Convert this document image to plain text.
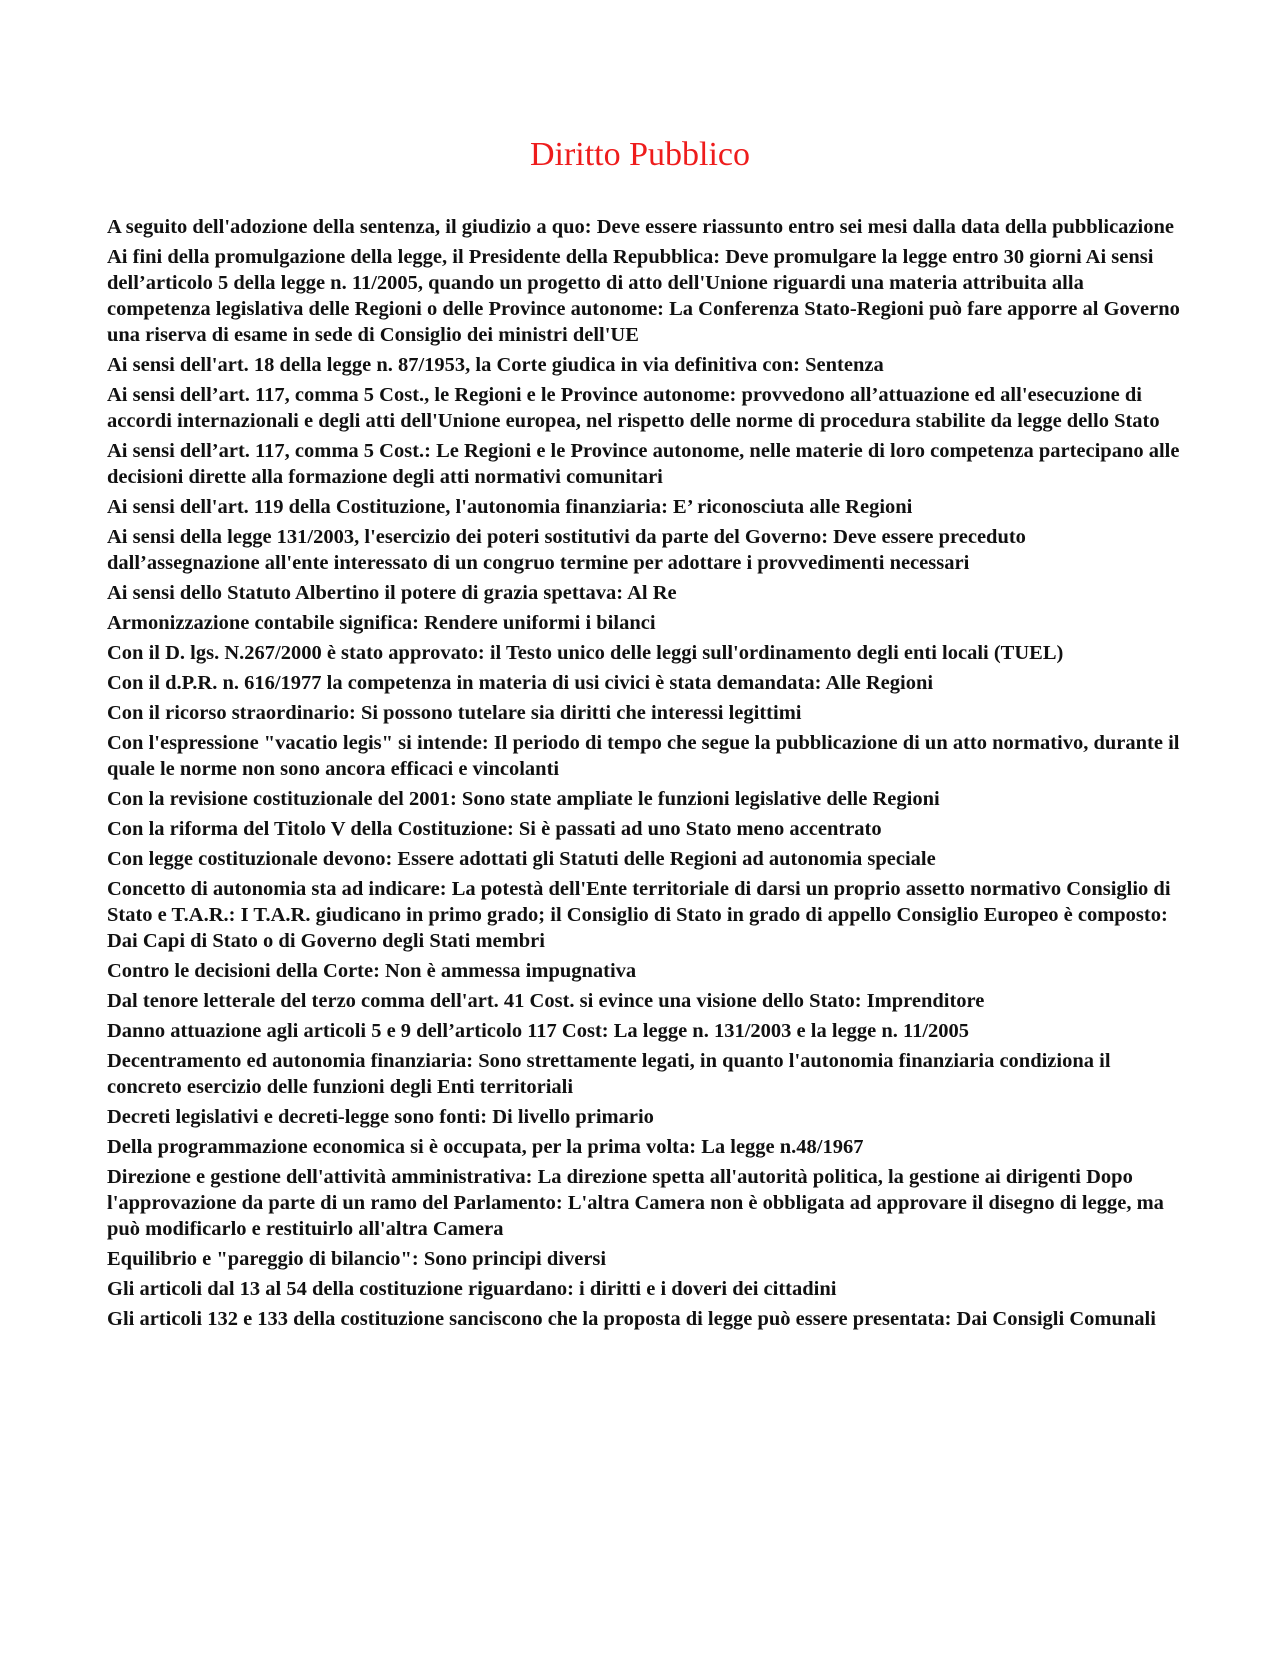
Diritto Pubblico

A seguito dell'adozione della sentenza, il giudizio a quo: Deve essere riassunto entro sei mesi dalla data della pubblicazione

Ai fini della promulgazione della legge, il Presidente della Repubblica: Deve promulgare la legge entro 30 giorni Ai sensi dell’articolo 5 della legge n. 11/2005, quando un progetto di atto dell'Unione riguardi una materia attribuita alla competenza legislativa delle Regioni o delle Province autonome: La Conferenza Stato-Regioni può fare apporre al Governo una riserva di esame in sede di Consiglio dei ministri dell'UE

Ai sensi dell'art. 18 della legge n. 87/1953, la Corte giudica in via definitiva con: Sentenza

Ai sensi dell’art. 117, comma 5 Cost., le Regioni e le Province autonome: provvedono all’attuazione ed all'esecuzione di accordi internazionali e degli atti dell'Unione europea, nel rispetto delle norme di procedura stabilite da legge dello Stato

Ai sensi dell’art. 117, comma 5 Cost.: Le Regioni e le Province autonome, nelle materie di loro competenza partecipano alle decisioni dirette alla formazione degli atti normativi comunitari

Ai sensi dell'art. 119 della Costituzione, l'autonomia finanziaria: E’ riconosciuta alle Regioni

Ai sensi della legge 131/2003, l'esercizio dei poteri sostitutivi da parte del Governo: Deve essere preceduto dall’assegnazione all'ente interessato di un congruo termine per adottare i provvedimenti necessari

Ai sensi dello Statuto Albertino il potere di grazia spettava: Al Re

Armonizzazione contabile significa: Rendere uniformi i bilanci

Con il D. lgs. N.267/2000 è stato approvato: il Testo unico delle leggi sull'ordinamento degli enti locali (TUEL)

Con il d.P.R. n. 616/1977 la competenza in materia di usi civici è stata demandata: Alle Regioni

Con il ricorso straordinario: Si possono tutelare sia diritti che interessi legittimi

Con l'espressione "vacatio legis" si intende: Il periodo di tempo che segue la pubblicazione di un atto normativo, durante il quale le norme non sono ancora efficaci e vincolanti

Con la revisione costituzionale del 2001: Sono state ampliate le funzioni legislative delle Regioni

Con la riforma del Titolo V della Costituzione: Si è passati ad uno Stato meno accentrato

Con legge costituzionale devono: Essere adottati gli Statuti delle Regioni ad autonomia speciale

Concetto di autonomia sta ad indicare: La potestà dell'Ente territoriale di darsi un proprio assetto normativo Consiglio di Stato e T.A.R.: I T.A.R. giudicano in primo grado; il Consiglio di Stato in grado di appello Consiglio Europeo è composto: Dai Capi di Stato o di Governo degli Stati membri

Contro le decisioni della Corte: Non è ammessa impugnativa

Dal tenore letterale del terzo comma dell'art. 41 Cost. si evince una visione dello Stato: Imprenditore

Danno attuazione agli articoli 5 e 9 dell’articolo 117 Cost: La legge n. 131/2003 e la legge n. 11/2005

Decentramento ed autonomia finanziaria: Sono strettamente legati, in quanto l'autonomia finanziaria condiziona il concreto esercizio delle funzioni degli Enti territoriali

Decreti legislativi e decreti-legge sono fonti: Di livello primario

Della programmazione economica si è occupata, per la prima volta: La legge n.48/1967

Direzione e gestione dell'attività amministrativa: La direzione spetta all'autorità politica, la gestione ai dirigenti Dopo l'approvazione da parte di un ramo del Parlamento: L'altra Camera non è obbligata ad approvare il disegno di legge, ma può modificarlo e restituirlo all'altra Camera

Equilibrio e "pareggio di bilancio": Sono principi diversi

Gli articoli dal 13 al 54 della costituzione riguardano: i diritti e i doveri dei cittadini

Gli articoli 132 e 133 della costituzione sanciscono che la proposta di legge può essere presentata: Dai Consigli Comunali
